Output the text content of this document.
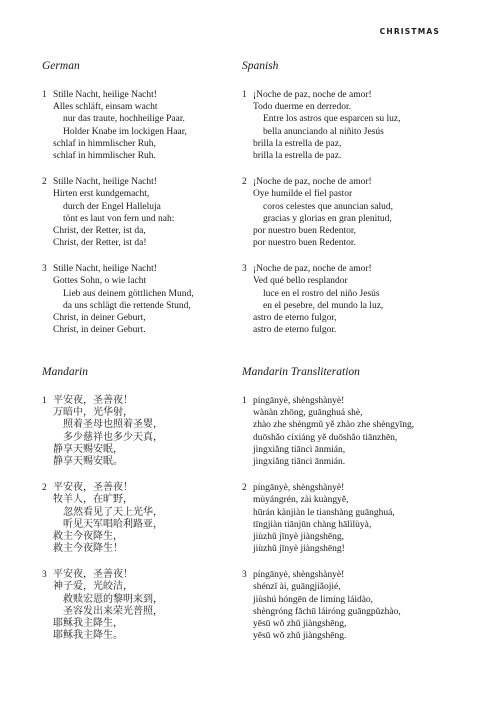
CHRISTMAS
German
1 Stille Nacht, heilige Nacht!
Alles schläft, einsam wacht
nur das traute, hochheilige Paar.
Holder Knabe im lockigen Haar,
schlaf in himmlischer Ruh,
schlaf in himmlischer Ruh.
2 Stille Nacht, heilige Nacht!
Hirten erst kundgemacht,
durch der Engel Halleluja
tönt es laut von fern und nah:
Christ, der Retter, ist da,
Christ, der Retter, ist da!
3 Stille Nacht, heilige Nacht!
Gottes Sohn, o wie lacht
Lieb aus deinem göttlichen Mund,
da uns schlägt die rettende Stund,
Christ, in deiner Geburt,
Christ, in deiner Geburt.
Spanish
1 ¡Noche de paz, noche de amor!
Todo duerme en derredor.
Entre los astros que esparcen su luz,
bella anunciando al niñito Jesús
brilla la estrella de paz,
brilla la estrella de paz.
2 ¡Noche de paz, noche de amor!
Oye humilde el fiel pastor
coros celestes que anuncian salud,
gracias y glorias en gran plenitud,
por nuestro buen Redentor,
por nuestro buen Redentor.
3 ¡Noche de paz, noche de amor!
Ved qué bello resplandor
luce en el rostro del niño Jesús
en el pesebre, del mundo la luz,
astro de eterno fulgor,
astro de eterno fulgor.
Mandarin
1 平安夜，圣善夜！
万暗中，光华射，
照着圣母也照着圣婴，
多少慈祥也多少天真，
静享天赐安眠，
静享天赐安眠。
2 平安夜，圣善夜！
牧羊人，在旷野，
忽然看见了天上光华，
听见天军唱哈利路亚，
救主今夜降生，
救主今夜降生！
3 平安夜，圣善夜！
神子爱，光皎洁，
救赎宏恩的黎明来到，
圣容发出来荣光普照，
耶稣我主降生，
耶稣我主降生。
Mandarin Transliteration
1 píngānyè, shèngshànyè!
wànàn zhōng, guānghuá shè,
zhào zhe shèngmǔ yě zhào zhe shèngyīng,
duōshǎo cíxiáng yě duōshǎo tiānzhēn,
jìngxiǎng tiāncì ānmián,
jìngxiǎng tiāncì ānmián.
2 píngānyè, shèngshànyè!
mùyángrén, zài kuàngyě,
hūrán kànjiàn le tianshàng guānghuá,
tīngjiàn tiānjūn chàng hālìlùyà,
jiùzhǔ jīnyè jiàngshēng,
jiùzhǔ jīnyè jiàngshēng!
3 píngānyè, shèngshànyè!
shénzǐ ài, guāngjiǎojié,
jiùshú hóngēn de límíng láidào,
shèngróng fāchū láiróng guāngpǔzhào,
yēsū wǒ zhǔ jiàngshēng,
yēsū wǒ zhǔ jiàngshēng.
